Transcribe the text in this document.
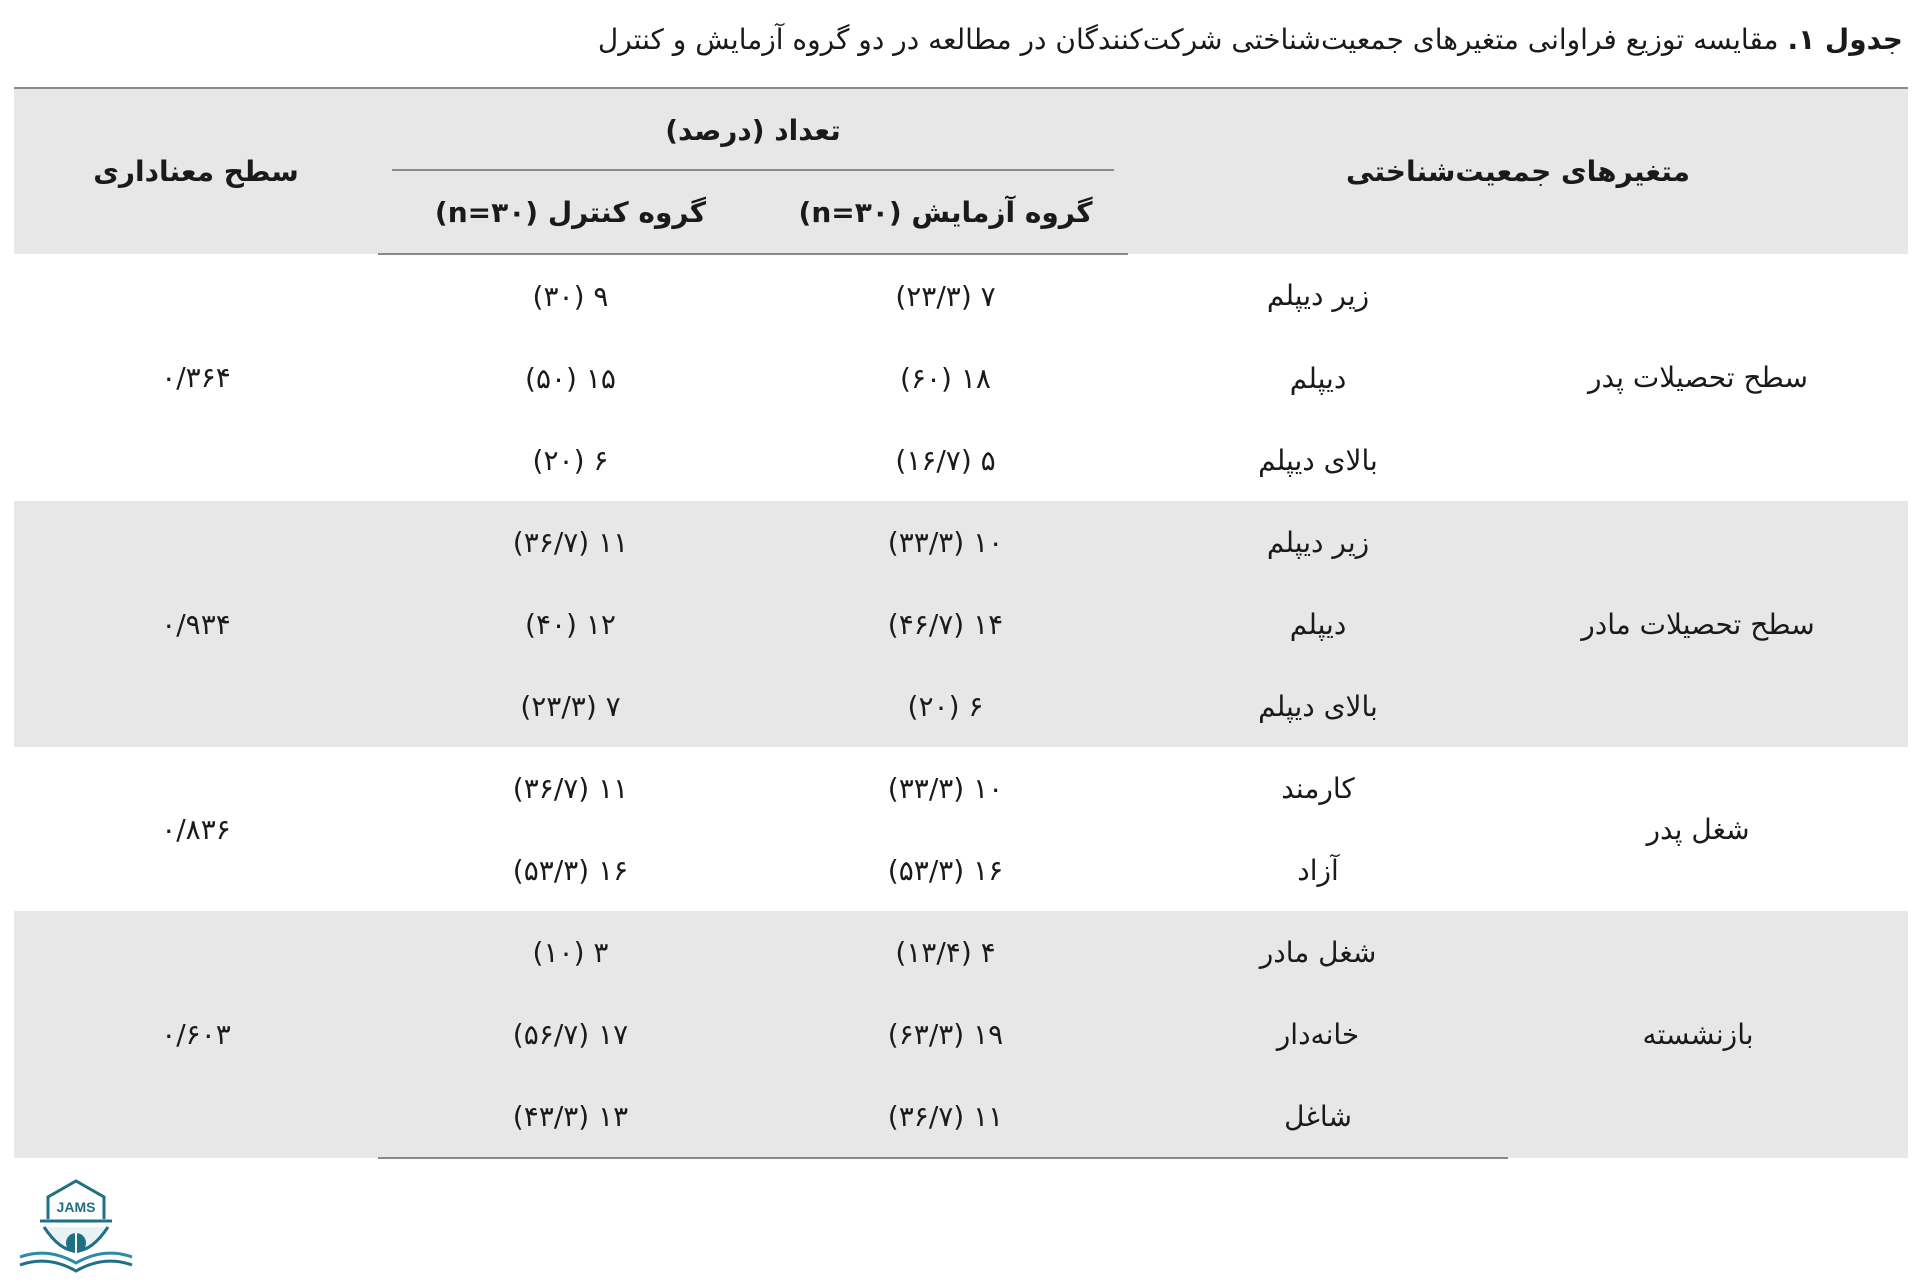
جدول ۱. مقایسه توزیع فراوانی متغیرهای جمعیت‌شناختی شرکت‌کنندگان در مطالعه در دو گروه آزمایش و کنترل
متغیرهای جمعیت‌شناختی		تعداد (درصد)		سطح معناداری
		گروه آزمایش (n=۳۰)	گروه کنترل (n=۳۰)	
سطح تحصیلات پدر	زیر دیپلم	۷ (۲۳/۳)	۹ (۳۰)	۰/۳۶۴
	دیپلم	۱۸ (۶۰)	۱۵ (۵۰)	
	بالای دیپلم	۵ (۱۶/۷)	۶ (۲۰)	
سطح تحصیلات مادر	زیر دیپلم	۱۰ (۳۳/۳)	۱۱ (۳۶/۷)	۰/۹۳۴
	دیپلم	۱۴ (۴۶/۷)	۱۲ (۴۰)	
	بالای دیپلم	۶ (۲۰)	۷ (۲۳/۳)	
شغل پدر	کارمند	۱۰ (۳۳/۳)	۱۱ (۳۶/۷)	۰/۸۳۶
	آزاد	۱۶ (۵۳/۳)	۱۶ (۵۳/۳)	
بازنشسته	شغل مادر	۴ (۱۳/۴)	۳ (۱۰)	۰/۶۰۳
	خانه‌دار	۱۹ (۶۳/۳)	۱۷ (۵۶/۷)	
	شاغل	۱۱ (۳۶/۷)	۱۳ (۴۳/۳)	
JAMS
